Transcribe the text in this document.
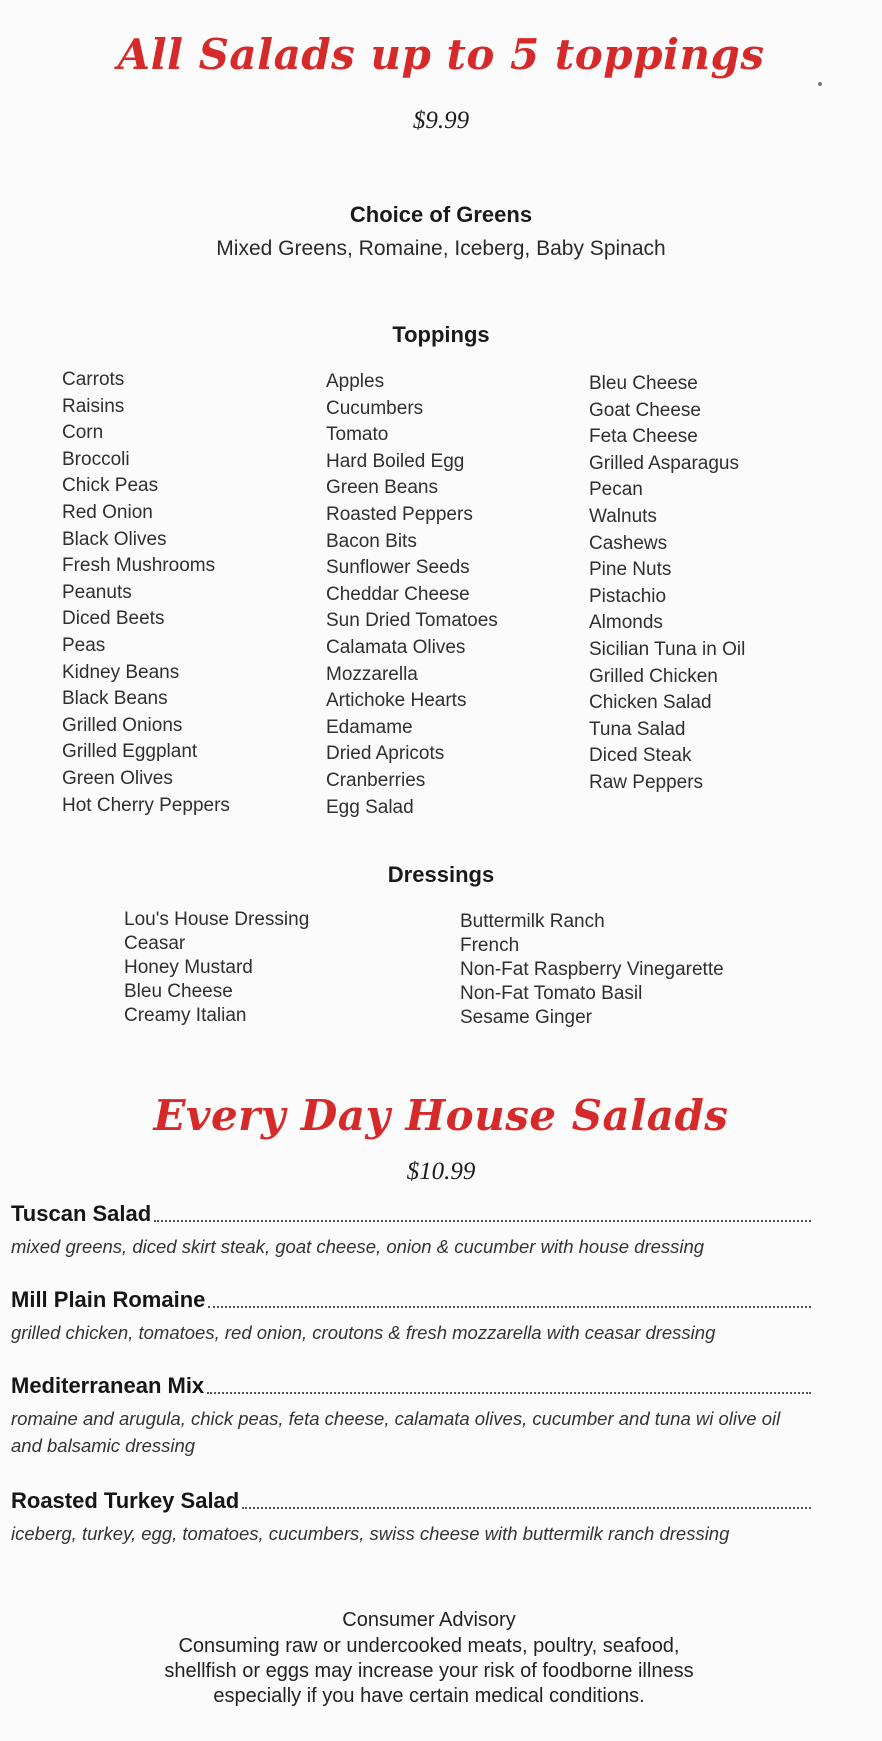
All Salads up to 5 toppings
$9.99
Choice of Greens
Mixed Greens, Romaine, Iceberg, Baby Spinach
Toppings
Carrots
Raisins
Corn
Broccoli
Chick Peas
Red Onion
Black Olives
Fresh Mushrooms
Peanuts
Diced Beets
Peas
Kidney Beans
Black Beans
Grilled Onions
Grilled Eggplant
Green Olives
Hot Cherry Peppers
Apples
Cucumbers
Tomato
Hard Boiled Egg
Green Beans
Roasted Peppers
Bacon Bits
Sunflower Seeds
Cheddar Cheese
Sun Dried Tomatoes
Calamata Olives
Mozzarella
Artichoke Hearts
Edamame
Dried Apricots
Cranberries
Egg Salad
Bleu Cheese
Goat Cheese
Feta Cheese
Grilled Asparagus
Pecan
Walnuts
Cashews
Pine Nuts
Pistachio
Almonds
Sicilian Tuna in Oil
Grilled Chicken
Chicken Salad
Tuna Salad
Diced Steak
Raw Peppers
Dressings
Lou's House Dressing
Ceasar
Honey Mustard
Bleu Cheese
Creamy Italian
Buttermilk Ranch
French
Non-Fat Raspberry Vinegarette
Non-Fat Tomato Basil
Sesame Ginger
Every Day House Salads
$10.99
Tuscan Salad
mixed greens, diced skirt steak, goat cheese, onion & cucumber with house dressing
Mill Plain Romaine
grilled chicken, tomatoes, red onion, croutons & fresh mozzarella with ceasar dressing
Mediterranean Mix
romaine and arugula, chick peas, feta cheese, calamata olives, cucumber and tuna wi olive oil and balsamic dressing
Roasted Turkey Salad
iceberg, turkey, egg, tomatoes, cucumbers, swiss cheese with buttermilk ranch dressing
Consumer Advisory
Consuming raw or undercooked meats, poultry, seafood,
shellfish or eggs may increase your risk of foodborne illness
especially if you have certain medical conditions.
